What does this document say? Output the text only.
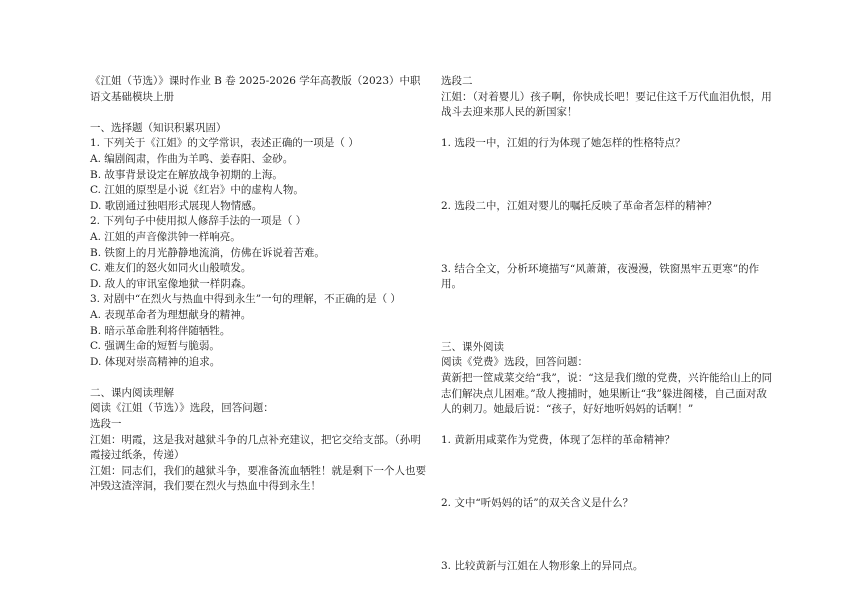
《江姐（节选）》课时作业 B 卷 2025-2026 学年高教版（2023）中职
语文基础模块上册
一、选择题（知识积累巩固）
1. 下列关于《江姐》的文学常识，表述正确的一项是（ ）
A. 编剧阎肃，作曲为羊鸣、姜春阳、金砂。
B. 故事背景设定在解放战争初期的上海。
C. 江姐的原型是小说《红岩》中的虚构人物。
D. 歌剧通过独唱形式展现人物情感。
2. 下列句子中使用拟人修辞手法的一项是（ ）
A. 江姐的声音像洪钟一样响亮。
B. 铁窗上的月光静静地流淌，仿佛在诉说着苦难。
C. 难友们的怒火如同火山般喷发。
D. 敌人的审讯室像地狱一样阴森。
3. 对剧中“在烈火与热血中得到永生”一句的理解，不正确的是（ ）
A. 表现革命者为理想献身的精神。
B. 暗示革命胜利将伴随牺牲。
C. 强调生命的短暂与脆弱。
D. 体现对崇高精神的追求。
二、课内阅读理解
阅读《江姐（节选）》选段，回答问题：
选段一
江姐：明霞，这是我对越狱斗争的几点补充建议，把它交给支部。（孙明霞接过纸条，传递）
江姐：同志们，我们的越狱斗争，要准备流血牺牲！就是剩下一个人也要冲毁这渣滓洞，我们要在烈火与热血中得到永生！
选段二
江姐：（对着婴儿）孩子啊，你快成长吧！要记住这千万代血泪仇恨，用战斗去迎来那人民的新国家！
1. 选段一中，江姐的行为体现了她怎样的性格特点？
2. 选段二中，江姐对婴儿的嘱托反映了革命者怎样的精神？
3. 结合全文，分析环境描写“风萧萧，夜漫漫，铁窗黑牢五更寒”的作用。
三、课外阅读
阅读《党费》选段，回答问题：
黄新把一筐咸菜交给“我”，说：“这是我们缴的党费，兴许能给山上的同志们解决点儿困难。”敌人搜捕时，她果断让“我”躲进阁楼，自己面对敌人的刺刀。她最后说：“孩子，好好地听妈妈的话啊！”
1. 黄新用咸菜作为党费，体现了怎样的革命精神？
2. 文中“听妈妈的话”的双关含义是什么？
3. 比较黄新与江姐在人物形象上的异同点。
